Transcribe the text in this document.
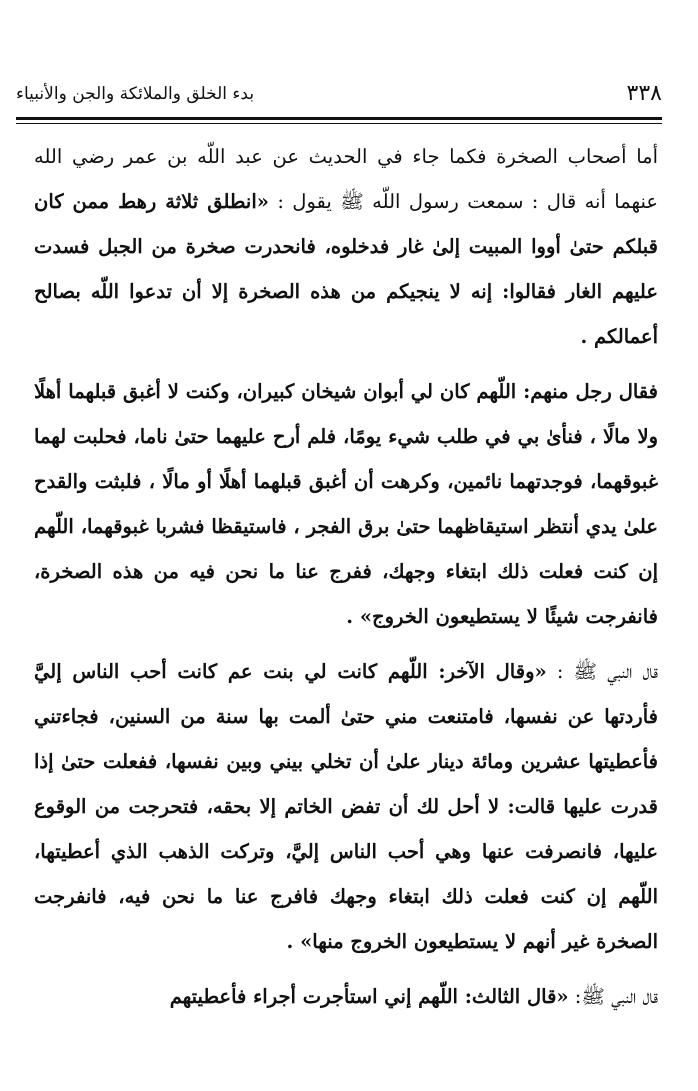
بدء الخلق والملائكة والجن والأنبياء	٣٣٨

أما أصحاب الصخرة فكما جاء في الحديث عن عبد اللّه بن عمر رضي الله عنهما أنه قال : سمعت رسول اللّه ﷺ يقول : «انطلق ثلاثة رهط ممن كان قبلكم حتىٰ أووا المبيت إلىٰ غار فدخلوه، فانحدرت صخرة من الجبل فسدت عليهم الغار فقالوا: إنه لا ينجيكم من هذه الصخرة إلا أن تدعوا اللّه بصالح أعمالكم .

فقال رجل منهم: اللّهم كان لي أبوان شيخان كبيران، وكنت لا أغبق قبلهما أهلًا ولا مالًا ، فنأىٰ بي في طلب شيء يومًا، فلم أرح عليهما حتىٰ ناما، فحلبت لهما غبوقهما، فوجدتهما نائمين، وكرهت أن أغبق قبلهما أهلًا أو مالًا ، فلبثت والقدح علىٰ يدي أنتظر استيقاظهما حتىٰ برق الفجر ، فاستيقظا فشربا غبوقهما، اللّهم إن كنت فعلت ذلك ابتغاء وجهك، ففرج عنا ما نحن فيه من هذه الصخرة، فانفرجت شيئًا لا يستطيعون الخروج» .

قال النبي ﷺ : «وقال الآخر: اللّهم كانت لي بنت عم كانت أحب الناس إليَّ فأردتها عن نفسها، فامتنعت مني حتىٰ ألمت بها سنة من السنين، فجاءتني فأعطيتها عشرين ومائة دينار علىٰ أن تخلي بيني وبين نفسها، ففعلت حتىٰ إذا قدرت عليها قالت: لا أحل لك أن تفض الخاتم إلا بحقه، فتحرجت من الوقوع عليها، فانصرفت عنها وهي أحب الناس إليَّ، وتركت الذهب الذي أعطيتها، اللّهم إن كنت فعلت ذلك ابتغاء وجهك فافرج عنا ما نحن فيه، فانفرجت الصخرة غير أنهم لا يستطيعون الخروج منها» .

قال النبي ﷺ: «قال الثالث: اللّهم إني استأجرت أجراء فأعطيتهم
